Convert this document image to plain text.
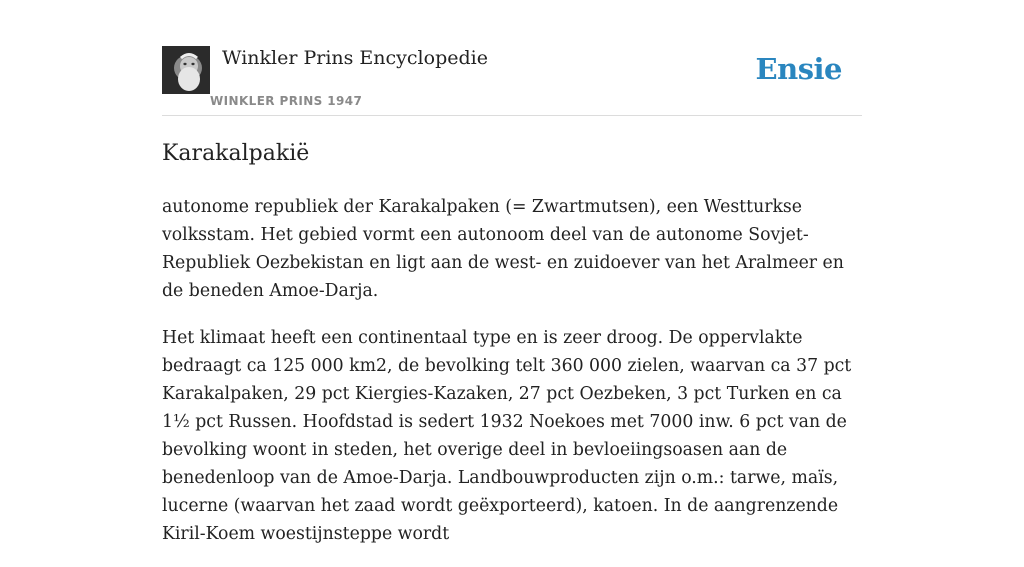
Winkler Prins Encyclopedie
WINKLER PRINS 1947
Ensie
Karakalpakië

autonome republiek der Karakalpaken (= Zwartmutsen), een Westturkse volksstam. Het gebied vormt een autonoom deel van de autonome Sovjet-Republiek Oezbekistan en ligt aan de west- en zuidoever van het Aralmeer en de beneden Amoe-Darja.

Het klimaat heeft een continentaal type en is zeer droog. De oppervlakte bedraagt ca 125 000 km2, de bevolking telt 360 000 zielen, waarvan ca 37 pct Karakalpaken, 29 pct Kiergies-Kazaken, 27 pct Oezbeken, 3 pct Turken en ca 1½ pct Russen. Hoofdstad is sedert 1932 Noekoes met 7000 inw. 6 pct van de bevolking woont in steden, het overige deel in bevloeiingsoasen aan de benedenloop van de Amoe-Darja. Landbouwproducten zijn o.m.: tarwe, maïs, lucerne (waarvan het zaad wordt geëxporteerd), katoen. In de aangrenzende Kiril-Koem woestijnsteppe wordt
